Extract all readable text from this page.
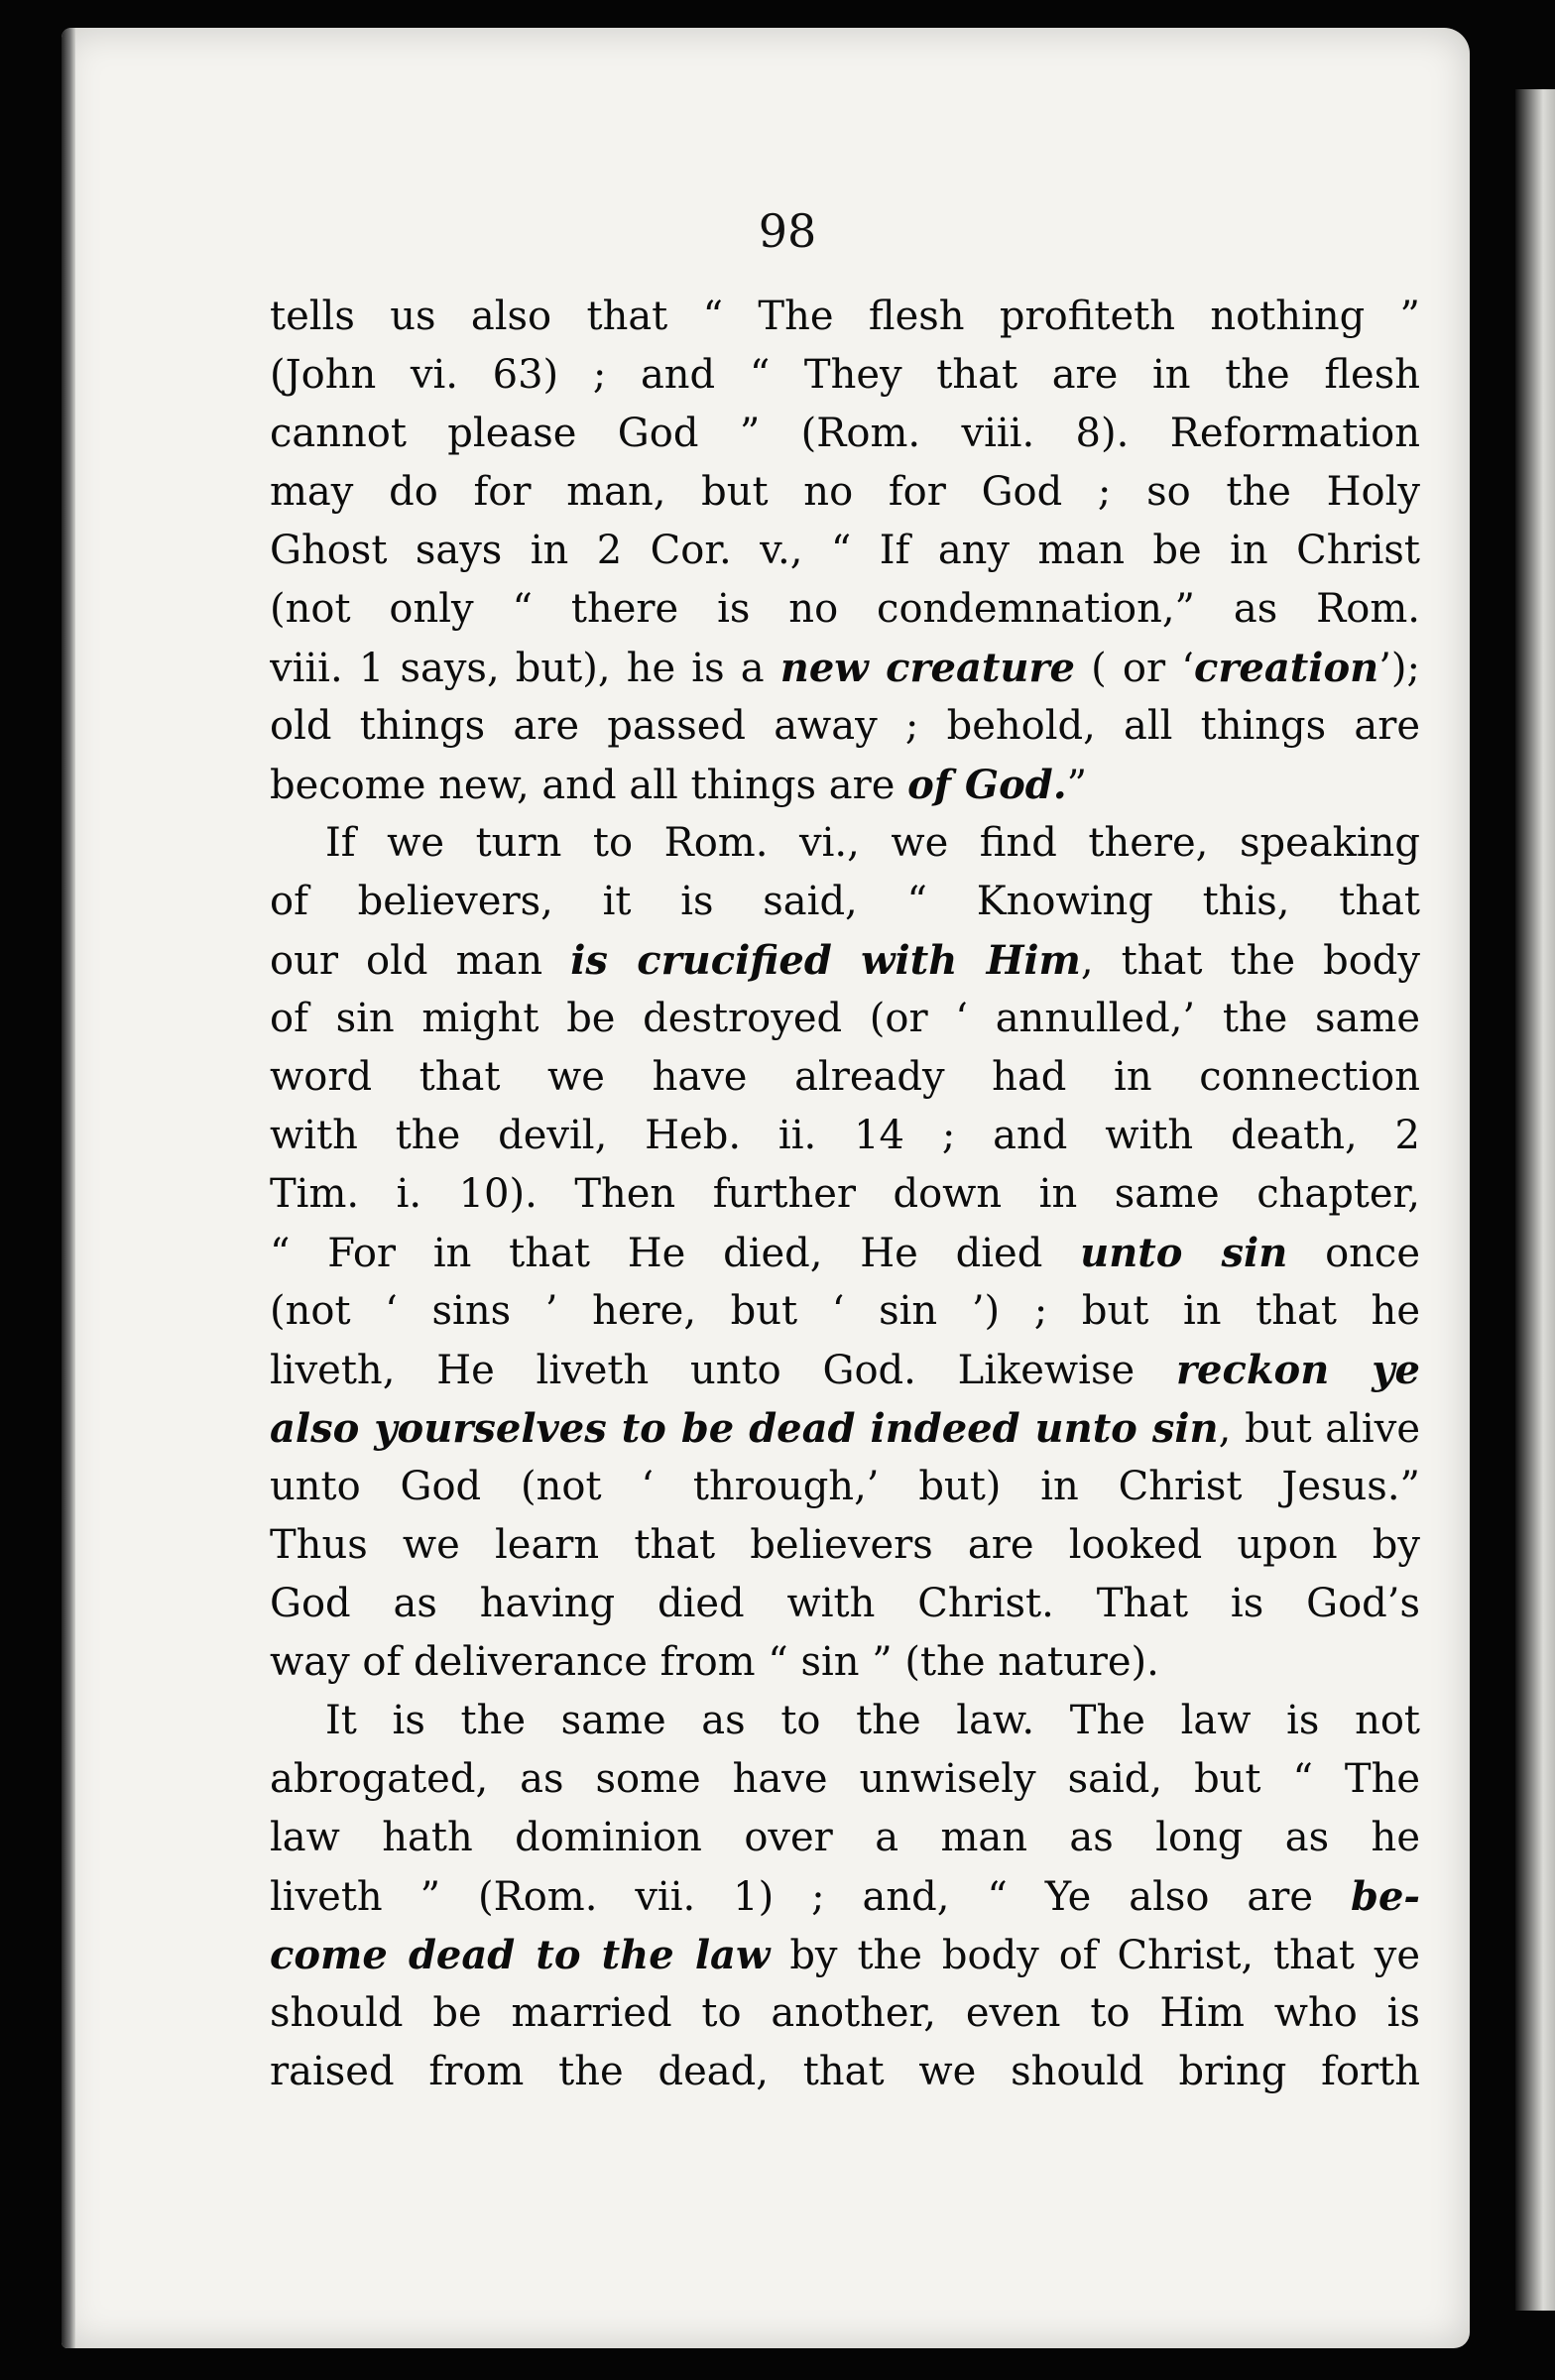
98
tells us also that “ The flesh profiteth nothing ”
(John vi. 63) ; and “ They that are in the flesh
cannot please God ” (Rom. viii. 8). Reformation
may do for man, but no for God ; so the Holy
Ghost says in 2 Cor. v., “ If any man be in Christ
(not only “ there is no condemnation,” as Rom.
viii. 1 says, but), he is a new creature ( or ‘creation’);
old things are passed away ; behold, all things are
become new, and all things are of God.”
If we turn to Rom. vi., we find there, speaking
of believers, it is said, “ Knowing this, that
our old man is crucified with Him, that the body
of sin might be destroyed (or ‘ annulled,’ the same
word that we have already had in connection
with the devil, Heb. ii. 14 ; and with death, 2
Tim. i. 10). Then further down in same chapter,
“ For in that He died, He died unto sin once
(not ‘ sins ’ here, but ‘ sin ’) ; but in that he
liveth, He liveth unto God. Likewise reckon ye
also yourselves to be dead indeed unto sin, but alive
unto God (not ‘ through,’ but) in Christ Jesus.”
Thus we learn that believers are looked upon by
God as having died with Christ. That is God’s
way of deliverance from “ sin ” (the nature).
It is the same as to the law. The law is not
abrogated, as some have unwisely said, but “ The
law hath dominion over a man as long as he
liveth ” (Rom. vii. 1) ; and, “ Ye also are be-
come dead to the law by the body of Christ, that ye
should be married to another, even to Him who is
raised from the dead, that we should bring forth
